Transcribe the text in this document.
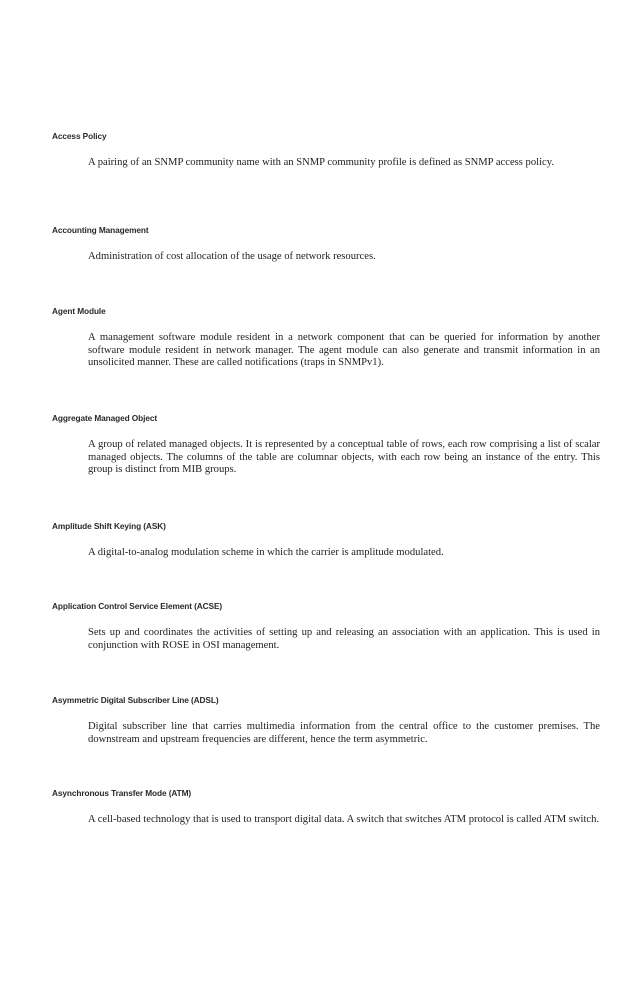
Access Policy

A pairing of an SNMP community name with an SNMP community profile is defined as SNMP access policy.

Accounting Management

Administration of cost allocation of the usage of network resources.

Agent Module

A management software module resident in a network component that can be queried for information by another software module resident in network manager. The agent module can also generate and transmit information in an unsolicited manner. These are called notifications (traps in SNMPv1).

Aggregate Managed Object

A group of related managed objects. It is represented by a conceptual table of rows, each row comprising a list of scalar managed objects. The columns of the table are columnar objects, with each row being an instance of the entry. This group is distinct from MIB groups.

Amplitude Shift Keying (ASK)

A digital-to-analog modulation scheme in which the carrier is amplitude modulated.

Application Control Service Element (ACSE)

Sets up and coordinates the activities of setting up and releasing an association with an application. This is used in conjunction with ROSE in OSI management.

Asymmetric Digital Subscriber Line (ADSL)

Digital subscriber line that carries multimedia information from the central office to the customer premises. The downstream and upstream frequencies are different, hence the term asymmetric.

Asynchronous Transfer Mode (ATM)

A cell-based technology that is used to transport digital data. A switch that switches ATM protocol is called ATM switch.
